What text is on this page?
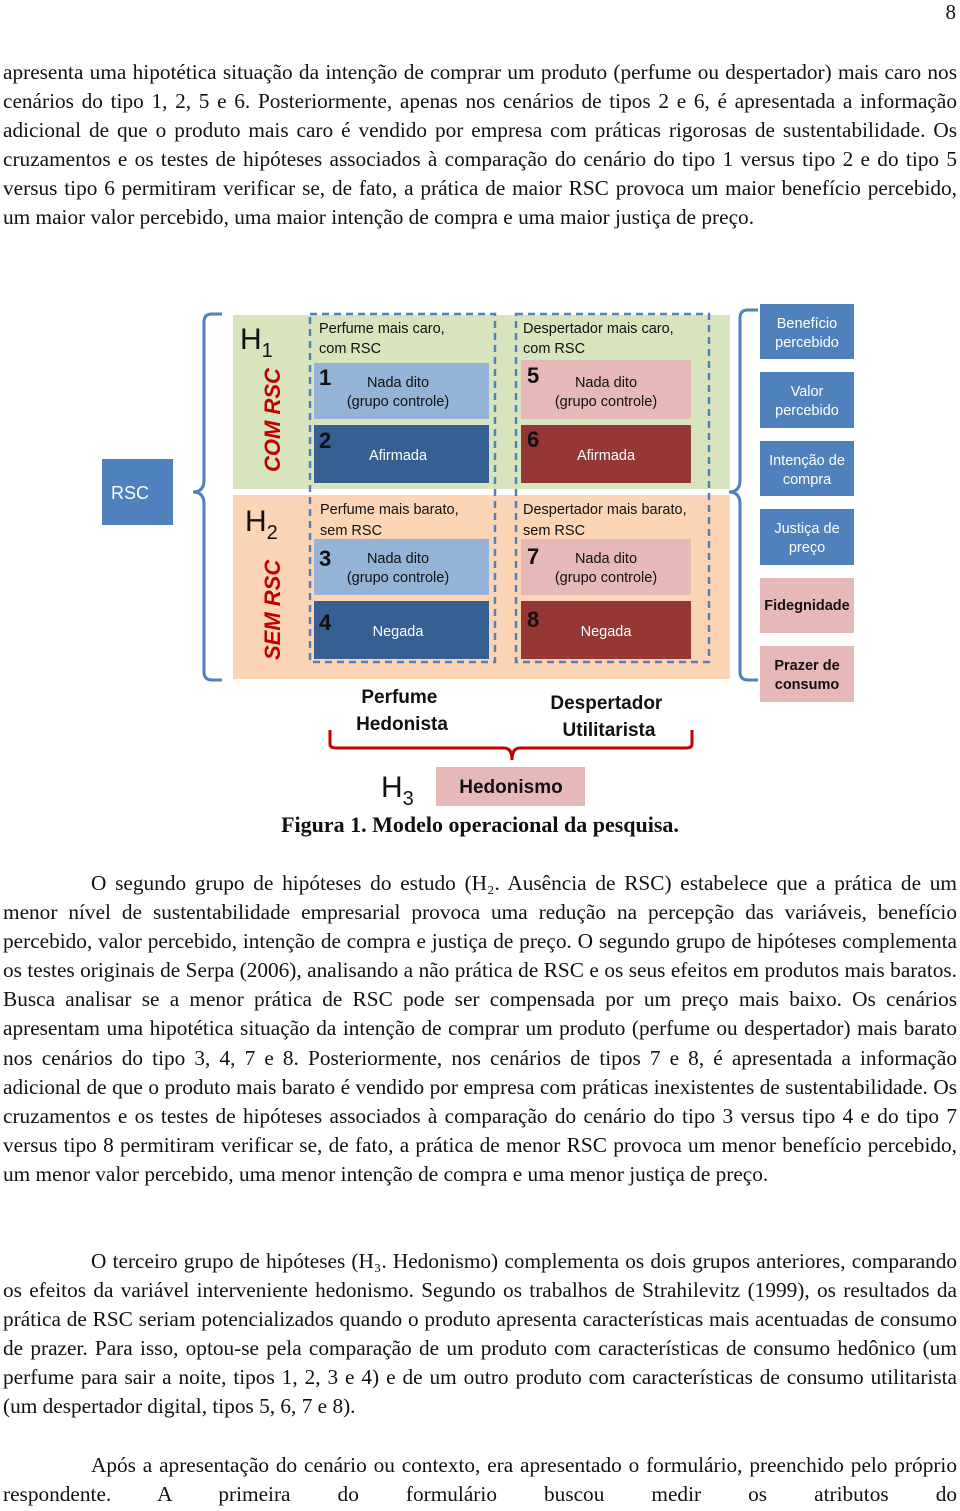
8

apresenta uma hipotética situação da intenção de comprar um produto (perfume ou despertador) mais caro nos cenários do tipo 1, 2, 5 e 6. Posteriormente, apenas nos cenários de tipos 2 e 6, é apresentada a informação adicional de que o produto mais caro é vendido por empresa com práticas rigorosas de sustentabilidade. Os cruzamentos e os testes de hipóteses associados à comparação do cenário do tipo 1 versus tipo 2 e do tipo 5 versus tipo 6 permitiram verificar se, de fato, a prática de maior RSC provoca um maior benefício percebido, um maior valor percebido, uma maior intenção de compra e uma maior justiça de preço.

RSC
$H_1$
COM RSC
$H_2$
SEM RSC
Perfume mais caro, com RSC
Despertador mais caro, com RSC
Perfume mais barato, sem RSC
Despertador mais barato, sem RSC
1	Nada dito (grupo controle)
2
Afirmada
3	Nada dito (grupo controle)
4	Negada
5	Nada dito (grupo controle)
6
Afirmada
7	Nada dito (grupo controle)
8	Negada
Perfume Hedonista
Despertador Utilitarista
$H_3$
Hedonismo
Benefício percebido
Valor percebido
Intenção de compra
Justiça de preço
Fidegnidade
Prazer de consumo
Figura 1. Modelo operacional da pesquisa.

O segundo grupo de hipóteses do estudo (H₂. Ausência de RSC) estabelece que a prática de um menor nível de sustentabilidade empresarial provoca uma redução na percepção das variáveis, benefício percebido, valor percebido, intenção de compra e justiça de preço. O segundo grupo de hipóteses complementa os testes originais de Serpa (2006), analisando a não prática de RSC e os seus efeitos em produtos mais baratos. Busca analisar se a menor prática de RSC pode ser compensada por um preço mais baixo. Os cenários apresentam uma hipotética situação da intenção de comprar um produto (perfume ou despertador) mais barato nos cenários do tipo 3, 4, 7 e 8. Posteriormente, nos cenários de tipos 7 e 8, é apresentada a informação adicional de que o produto mais barato é vendido por empresa com práticas inexistentes de sustentabilidade. Os cruzamentos e os testes de hipóteses associados à comparação do cenário do tipo 3 versus tipo 4 e do tipo 7 versus tipo 8 permitiram verificar se, de fato, a prática de menor RSC provoca um menor benefício percebido, um menor valor percebido, uma menor intenção de compra e uma menor justiça de preço.

O terceiro grupo de hipóteses (H₃. Hedonismo) complementa os dois grupos anteriores, comparando os efeitos da variável interveniente hedonismo. Segundo os trabalhos de Strahilevitz (1999), os resultados da prática de RSC seriam potencializados quando o produto apresenta características mais acentuadas de consumo de prazer. Para isso, optou-se pela comparação de um produto com características de consumo hedônico (um perfume para sair a noite, tipos 1, 2, 3 e 4) e de um outro produto com características de consumo utilitarista (um despertador digital, tipos 5, 6, 7 e 8).

Após a apresentação do cenário ou contexto, era apresentado o formulário, preenchido pelo próprio respondente. A primeira do formulário buscou medir os atributos do
